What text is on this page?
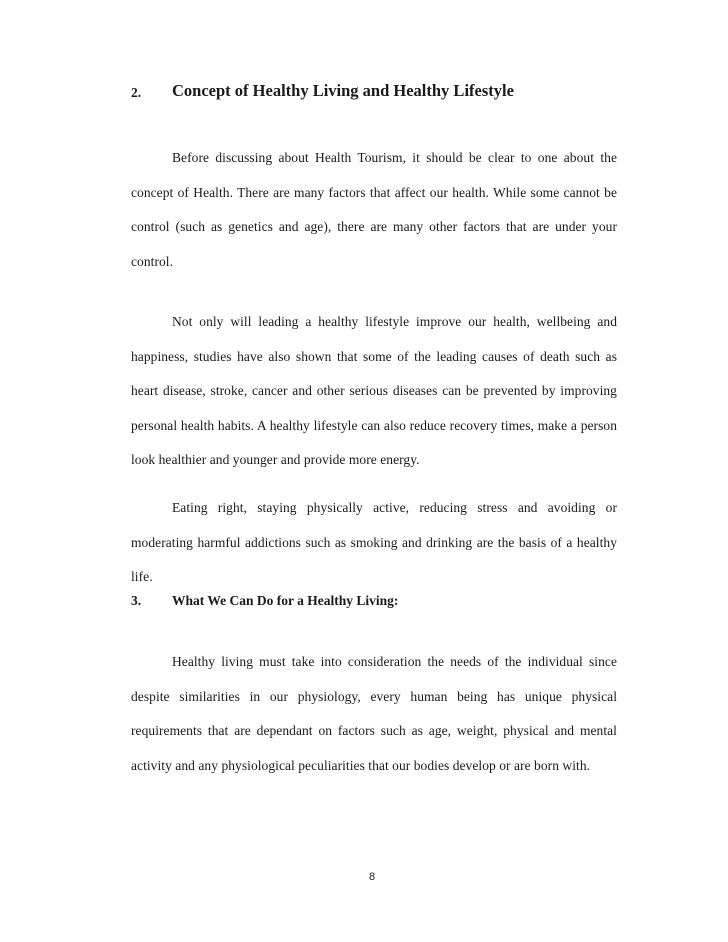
2. Concept of Healthy Living and Healthy Lifestyle

Before discussing about Health Tourism, it should be clear to one about the concept of Health. There are many factors that affect our health. While some cannot be control (such as genetics and age), there are many other factors that are under your control.

Not only will leading a healthy lifestyle improve our health, wellbeing and happiness, studies have also shown that some of the leading causes of death such as heart disease, stroke, cancer and other serious diseases can be prevented by improving personal health habits. A healthy lifestyle can also reduce recovery times, make a person look healthier and younger and provide more energy.

Eating right, staying physically active, reducing stress and avoiding or moderating harmful addictions such as smoking and drinking are the basis of a healthy life.

3. What We Can Do for a Healthy Living:

Healthy living must take into consideration the needs of the individual since despite similarities in our physiology, every human being has unique physical requirements that are dependant on factors such as age, weight, physical and mental activity and any physiological peculiarities that our bodies develop or are born with.

8
